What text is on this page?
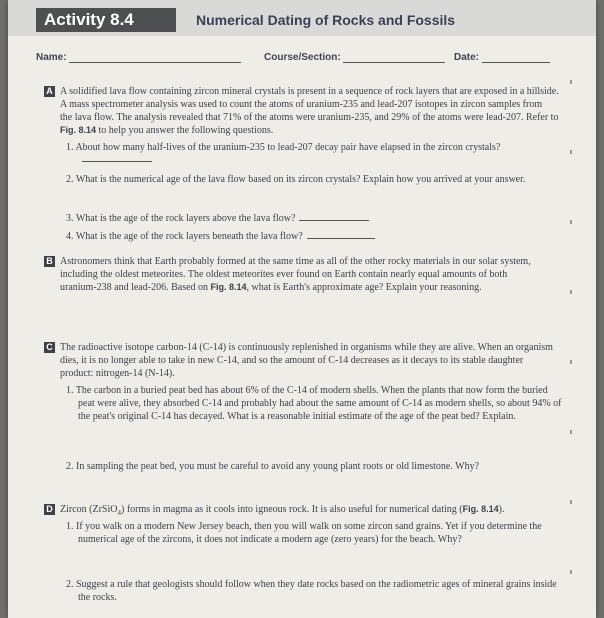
Activity 8.4	Numerical Dating of Rocks and Fossils
Name:	Course/Section:	Date:
A A solidified lava flow containing zircon mineral crystals is present in a sequence of rock layers that are exposed in a hillside.
A mass spectrometer analysis was used to count the atoms of uranium-235 and lead-207 isotopes in zircon samples from
the lava flow. The analysis revealed that 71% of the atoms were uranium-235, and 29% of the atoms were lead-207. Refer to
Fig. 8.14 to help you answer the following questions.
1. About how many half-lives of the uranium-235 to lead-207 decay pair have elapsed in the zircon crystals?
2. What is the numerical age of the lava flow based on its zircon crystals? Explain how you arrived at your answer.
3. What is the age of the rock layers above the lava flow?
4. What is the age of the rock layers beneath the lava flow?
B Astronomers think that Earth probably formed at the same time as all of the other rocky materials in our solar system,
including the oldest meteorites. The oldest meteorites ever found on Earth contain nearly equal amounts of both
uranium-238 and lead-206. Based on Fig. 8.14, what is Earth's approximate age? Explain your reasoning.
C The radioactive isotope carbon-14 (C-14) is continuously replenished in organisms while they are alive. When an organism
dies, it is no longer able to take in new C-14, and so the amount of C-14 decreases as it decays to its stable daughter
product: nitrogen-14 (N-14).
1. The carbon in a buried peat bed has about 6% of the C-14 of modern shells. When the plants that now form the buried
peat were alive, they absorbed C-14 and probably had about the same amount of C-14 as modern shells, so about 94% of
the peat's original C-14 has decayed. What is a reasonable initial estimate of the age of the peat bed? Explain.
2. In sampling the peat bed, you must be careful to avoid any young plant roots or old limestone. Why?
D Zircon (ZrSiO$_4$) forms in magma as it cools into igneous rock. It is also useful for numerical dating (Fig. 8.14).
1. If you walk on a modern New Jersey beach, then you will walk on some zircon sand grains. Yet if you determine the
numerical age of the zircons, it does not indicate a modern age (zero years) for the beach. Why?
2. Suggest a rule that geologists should follow when they date rocks based on the radiometric ages of mineral grains inside
the rocks.
